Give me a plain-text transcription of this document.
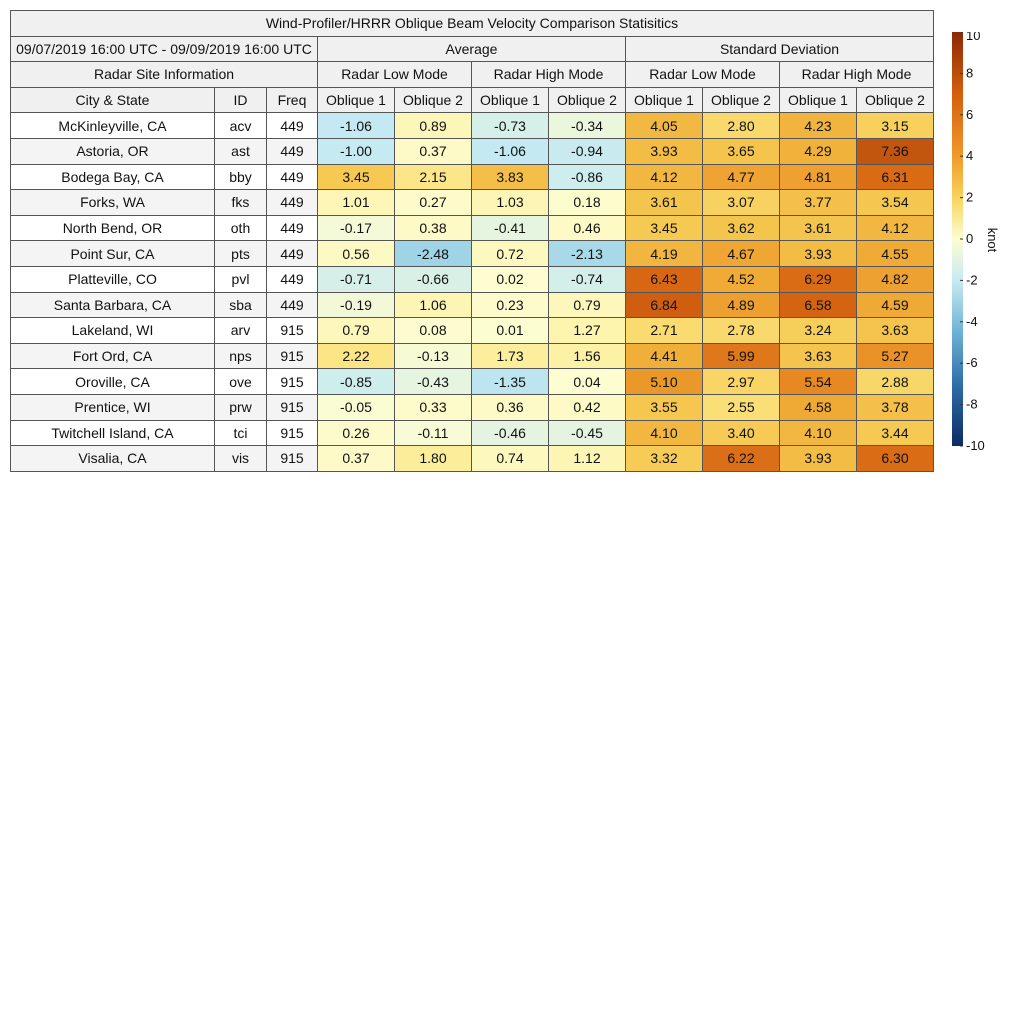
Wind-Profiler/HRRR Oblique Beam Velocity Comparison Statisitics										
09/07/2019 16:00 UTC - 09/09/2019 16:00 UTC			Average				Standard Deviation			
Radar Site Information			Radar Low Mode		Radar High Mode		Radar Low Mode		Radar High Mode	
City & State	ID	Freq	Oblique 1	Oblique 2	Oblique 1	Oblique 2	Oblique 1	Oblique 2	Oblique 1	Oblique 2
McKinleyville, CA	acv	449	-1.06	0.89	-0.73	-0.34	4.05	2.80	4.23	3.15
Astoria, OR	ast	449	-1.00	0.37	-1.06	-0.94	3.93	3.65	4.29	7.36
Bodega Bay, CA	bby	449	3.45	2.15	3.83	-0.86	4.12	4.77	4.81	6.31
Forks, WA	fks	449	1.01	0.27	1.03	0.18	3.61	3.07	3.77	3.54
North Bend, OR	oth	449	-0.17	0.38	-0.41	0.46	3.45	3.62	3.61	4.12
Point Sur, CA	pts	449	0.56	-2.48	0.72	-2.13	4.19	4.67	3.93	4.55
Platteville, CO	pvl	449	-0.71	-0.66	0.02	-0.74	6.43	4.52	6.29	4.82
Santa Barbara, CA	sba	449	-0.19	1.06	0.23	0.79	6.84	4.89	6.58	4.59
Lakeland, WI	arv	915	0.79	0.08	0.01	1.27	2.71	2.78	3.24	3.63
Fort Ord, CA	nps	915	2.22	-0.13	1.73	1.56	4.41	5.99	3.63	5.27
Oroville, CA	ove	915	-0.85	-0.43	-1.35	0.04	5.10	2.97	5.54	2.88
Prentice, WI	prw	915	-0.05	0.33	0.36	0.42	3.55	2.55	4.58	3.78
Twitchell Island, CA	tci	915	0.26	-0.11	-0.46	-0.45	4.10	3.40	4.10	3.44
Visalia, CA	vis	915	0.37	1.80	0.74	1.12	3.32	6.22	3.93	6.30
10
8
6
4
2
0
-2
-4
-6
-8
-10
knot
